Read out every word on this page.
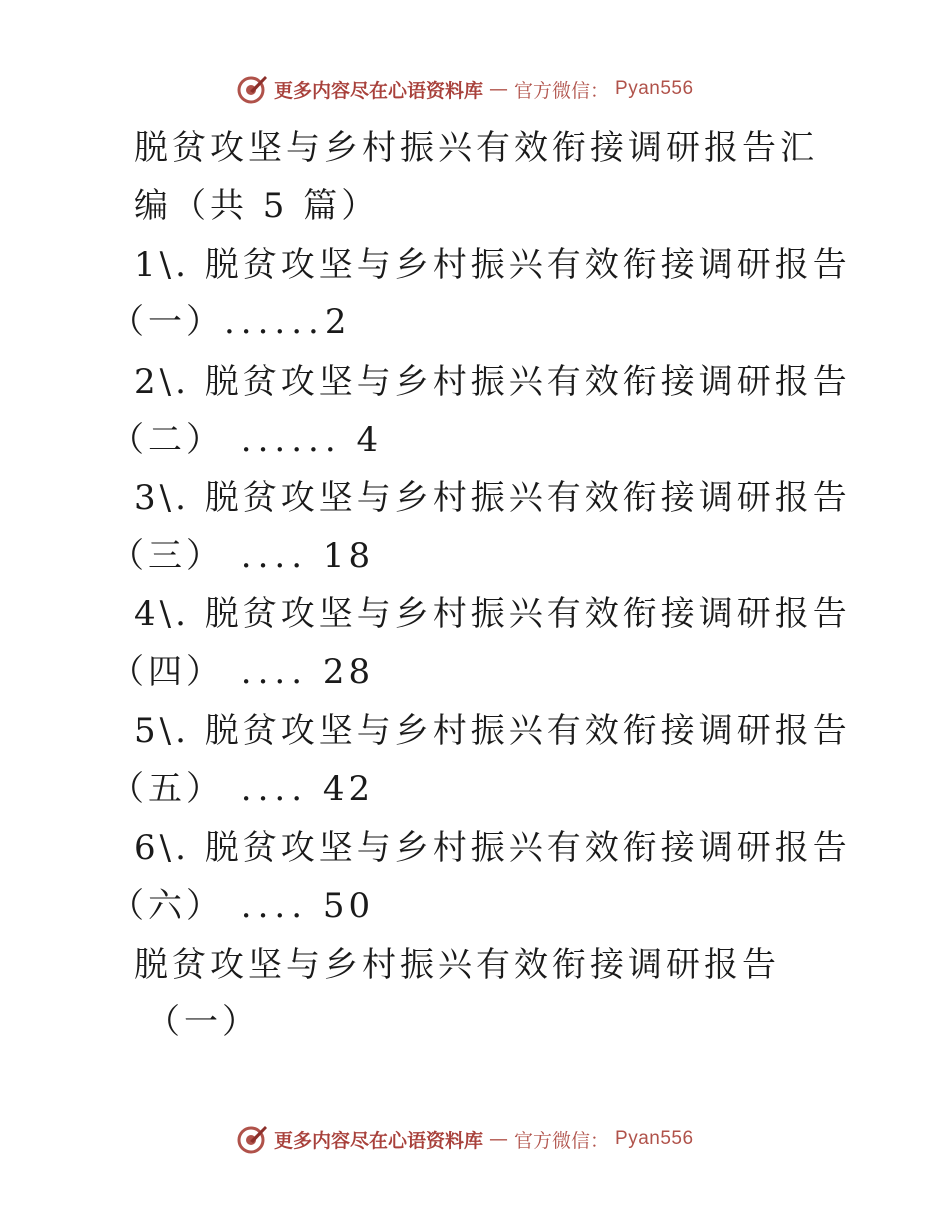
更多内容尽在心语资料库 — 官方微信： Pyan556
脱贫攻坚与乡村振兴有效衔接调研报告汇
编（共 5 篇）
1\. 脱贫攻坚与乡村振兴有效衔接调研报告
（一）......2
2\. 脱贫攻坚与乡村振兴有效衔接调研报告
（二） ...... 4
3\. 脱贫攻坚与乡村振兴有效衔接调研报告
（三） .... 18
4\. 脱贫攻坚与乡村振兴有效衔接调研报告
（四） .... 28
5\. 脱贫攻坚与乡村振兴有效衔接调研报告
（五） .... 42
6\. 脱贫攻坚与乡村振兴有效衔接调研报告
（六） .... 50
脱贫攻坚与乡村振兴有效衔接调研报告
（一）
更多内容尽在心语资料库 — 官方微信： Pyan556
